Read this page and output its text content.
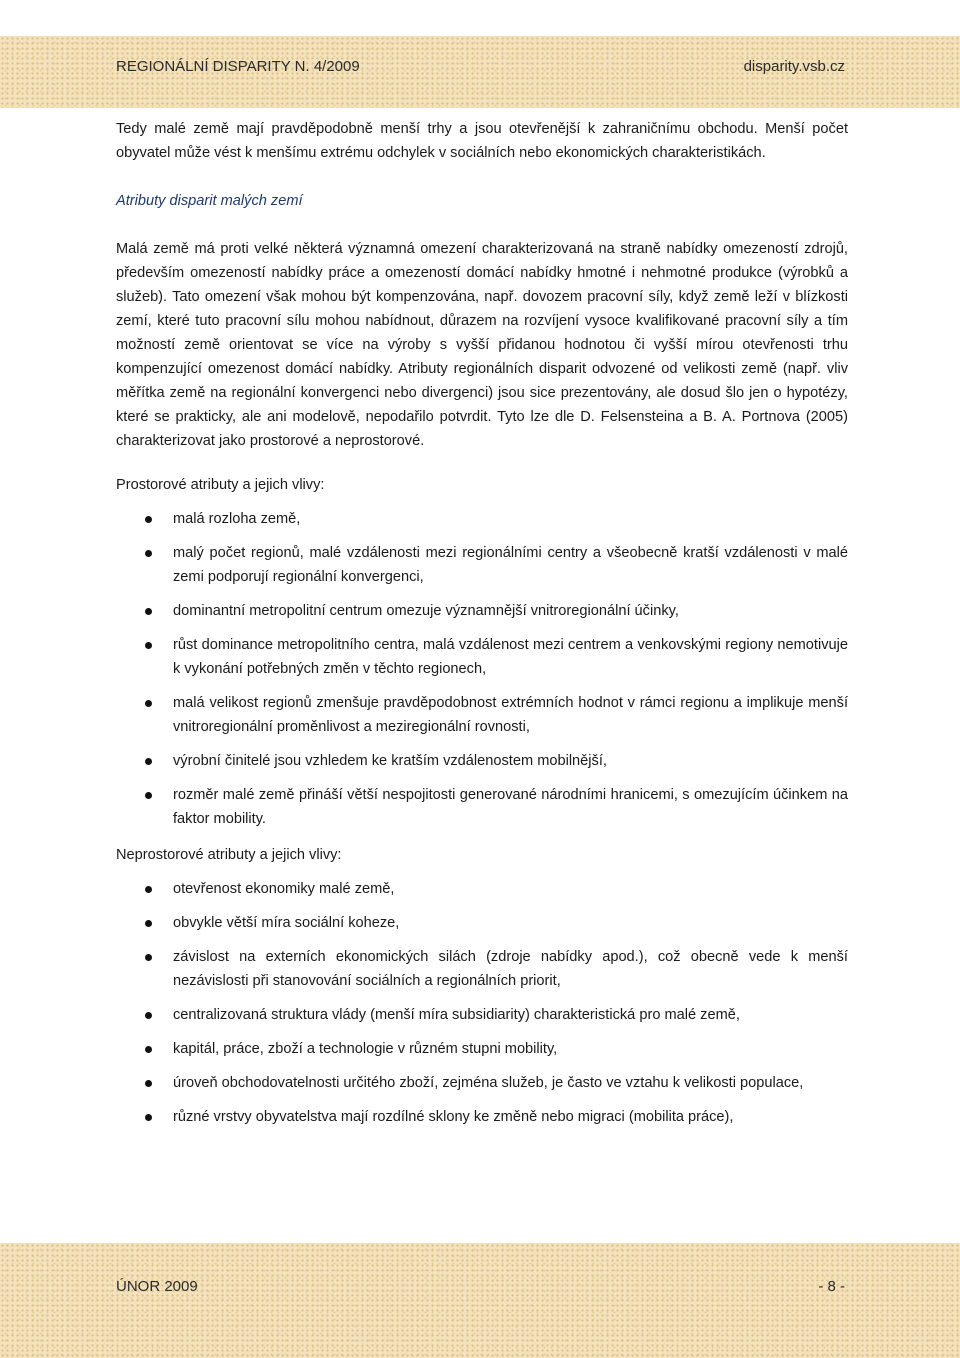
REGIONÁLNÍ DISPARITY N. 4/2009	disparity.vsb.cz

Tedy malé země mají pravděpodobně menší trhy a jsou otevřenější k zahraničnímu obchodu. Menší počet obyvatel může vést k menšímu extrému odchylek v sociálních nebo ekonomických charakteristikách.

Atributy disparit malých zemí

Malá země má proti velké některá významná omezení charakterizovaná na straně nabídky omezeností zdrojů, především omezeností nabídky práce a omezeností domácí nabídky hmotné i nehmotné produkce (výrobků a služeb). Tato omezení však mohou být kompenzována, např. dovozem pracovní síly, když země leží v blízkosti zemí, které tuto pracovní sílu mohou nabídnout, důrazem na rozvíjení vysoce kvalifikované pracovní síly a tím možností země orientovat se více na výroby s vyšší přidanou hodnotou či vyšší mírou otevřenosti trhu kompenzující omezenost domácí nabídky. Atributy regionálních disparit odvozené od velikosti země (např. vliv měřítka země na regionální konvergenci nebo divergenci) jsou sice prezentovány, ale dosud šlo jen o hypotézy, které se prakticky, ale ani modelově, nepodařilo potvrdit. Tyto lze dle D. Felsensteina a B. A. Portnova (2005) charakterizovat jako prostorové a neprostorové.

Prostorové atributy a jejich vlivy:

malá rozloha země,
malý počet regionů, malé vzdálenosti mezi regionálními centry a všeobecně kratší vzdálenosti v malé zemi podporují regionální konvergenci,
dominantní metropolitní centrum omezuje významnější vnitroregionální účinky,
růst dominance metropolitního centra, malá vzdálenost mezi centrem a venkovskými regiony nemotivuje k vykonání potřebných změn v těchto regionech,
malá velikost regionů zmenšuje pravděpodobnost extrémních hodnot v rámci regionu a implikuje menší vnitroregionální proměnlivost a meziregionální rovnosti,
výrobní činitelé jsou vzhledem ke kratším vzdálenostem mobilnější,
rozměr malé země přináší větší nespojitosti generované národními hranicemi, s omezujícím účinkem na faktor mobility.

Neprostorové atributy a jejich vlivy:

otevřenost ekonomiky malé země,
obvykle větší míra sociální koheze,
závislost na externích ekonomických silách (zdroje nabídky apod.), což obecně vede k menší nezávislosti při stanovování sociálních a regionálních priorit,
centralizovaná struktura vlády (menší míra subsidiarity) charakteristická pro malé země,
kapitál, práce, zboží a technologie v různém stupni mobility,
úroveň obchodovatelnosti určitého zboží, zejména služeb, je často ve vztahu k velikosti populace,
různé vrstvy obyvatelstva mají rozdílné sklony ke změně nebo migraci (mobilita práce),
ÚNOR 2009	- 8 -
